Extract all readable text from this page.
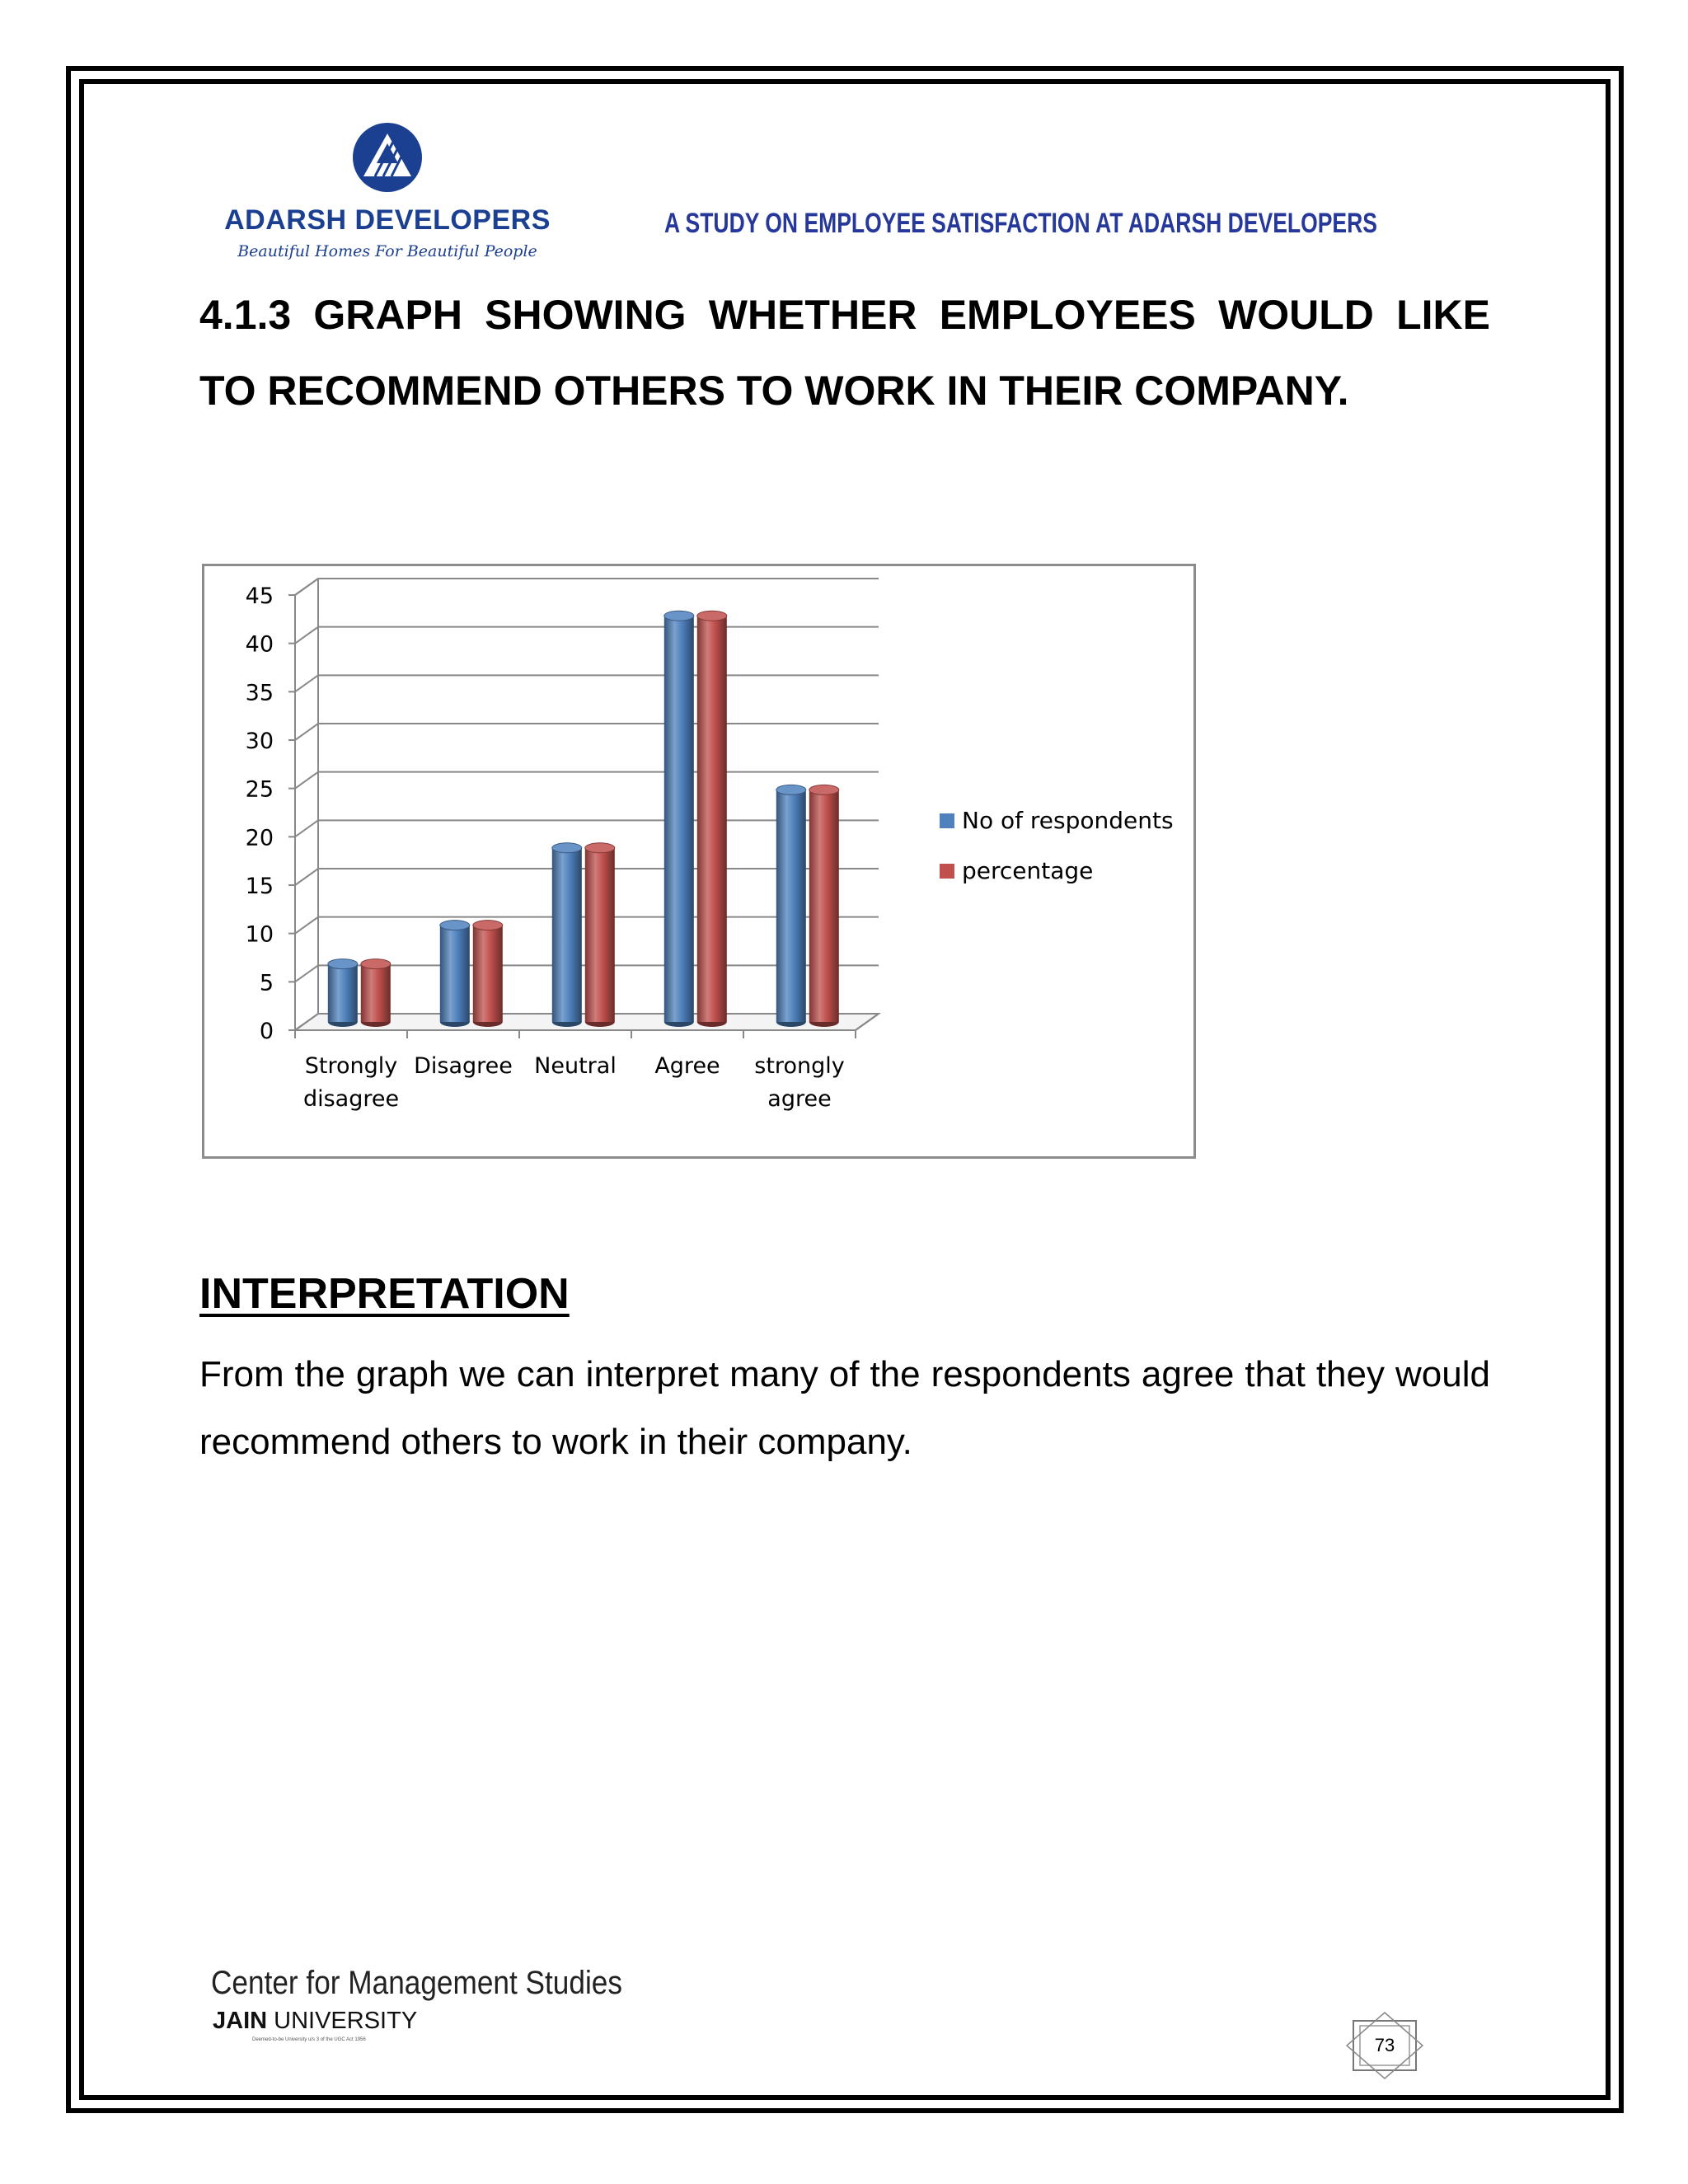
ADARSH DEVELOPERS
Beautiful Homes For Beautiful People
A STUDY ON EMPLOYEE SATISFACTION AT ADARSH DEVELOPERS
4.1.3 GRAPH SHOWING WHETHER EMPLOYEES WOULD LIKE TO RECOMMEND OTHERS TO WORK IN THEIR COMPANY.
0
5
10
15
20
25
30
35
40
45
Strongly disagree
Disagree Neutral Agree strongly agree
No of respondents
percentage
INTERPRETATION

From the graph we can interpret many of the respondents agree that they would recommend others to work in their company.

Center for Management Studies
JAIN UNIVERSITY
Deemed-to-be University u/s 3 of the UGC Act 1956	73
